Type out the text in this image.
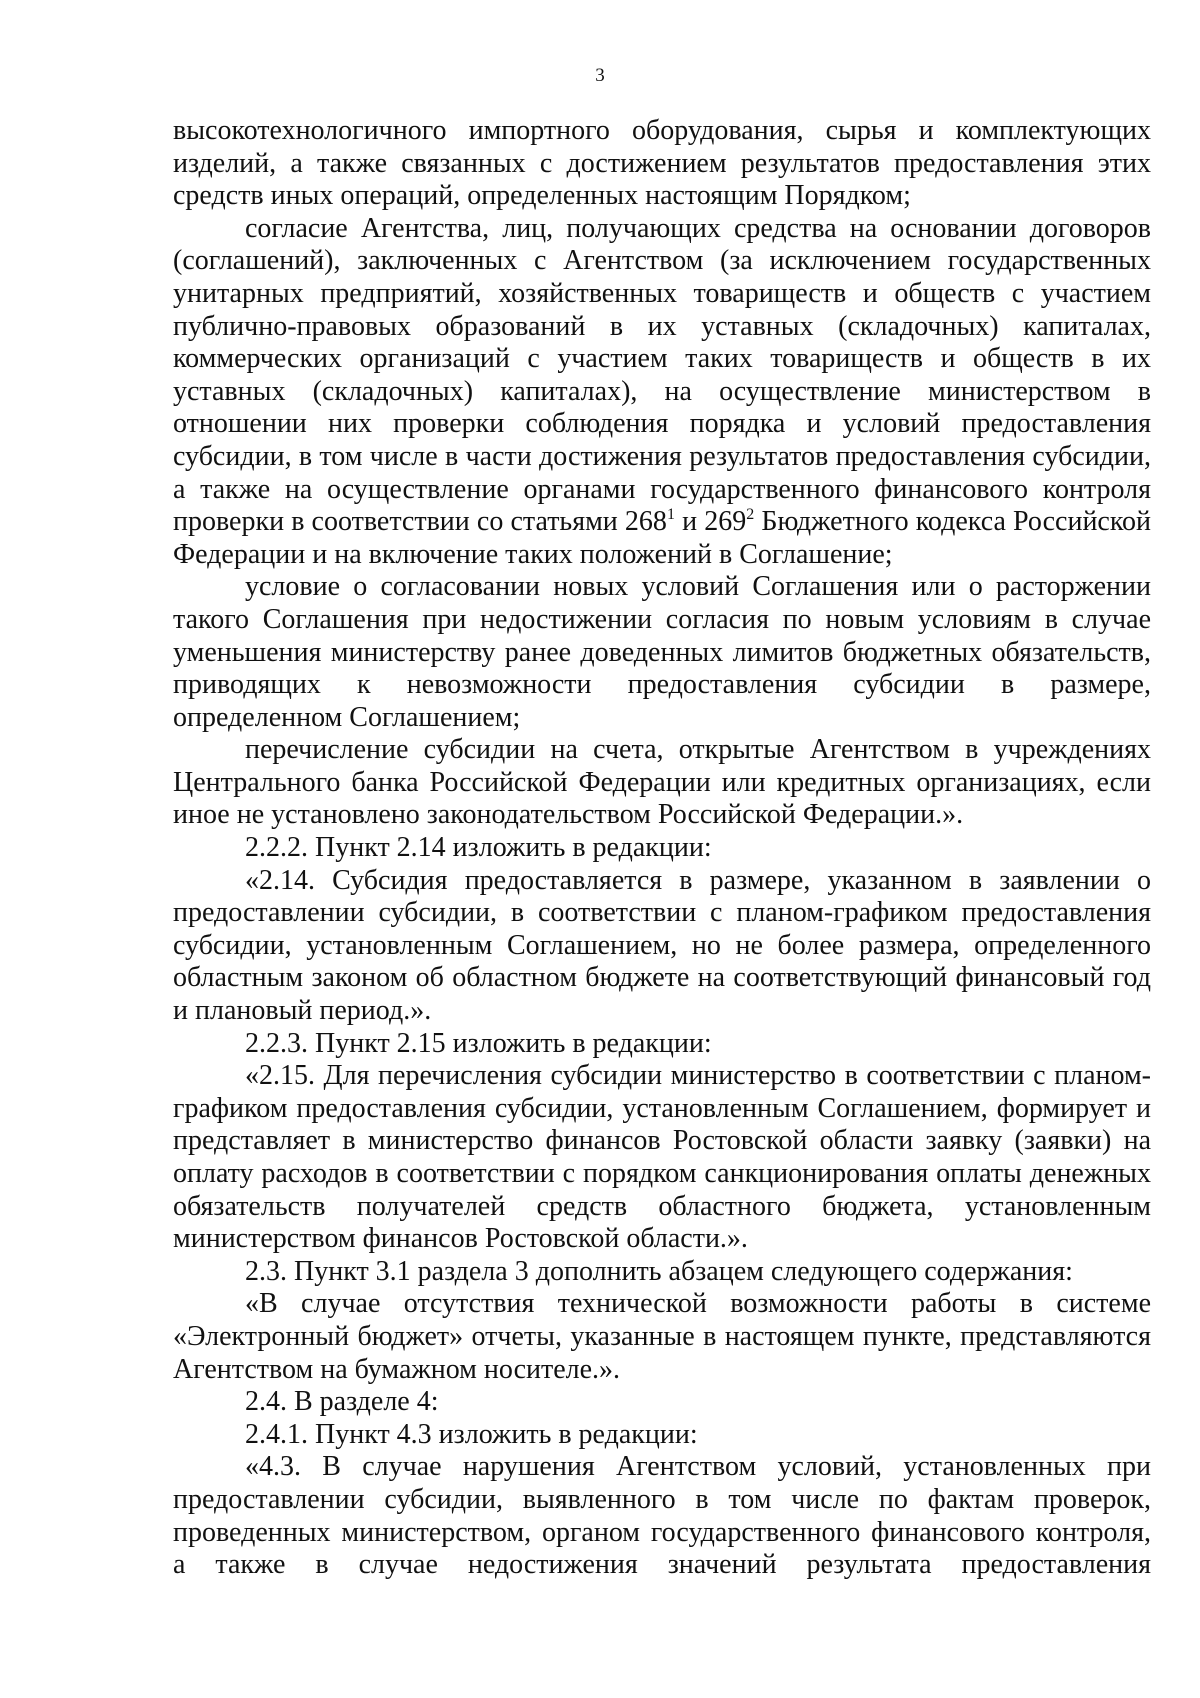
3

высокотехнологичного импортного оборудования, сырья и комплектующих изделий, а также связанных с достижением результатов предоставления этих средств иных операций, определенных настоящим Порядком;

согласие Агентства, лиц, получающих средства на основании договоров (соглашений), заключенных с Агентством (за исключением государственных унитарных предприятий, хозяйственных товариществ и обществ с участием публично-правовых образований в их уставных (складочных) капиталах, коммерческих организаций с участием таких товариществ и обществ в их уставных (складочных) капиталах), на осуществление министерством в отношении них проверки соблюдения порядка и условий предоставления субсидии, в том числе в части достижения результатов предоставления субсидии, а также на осуществление органами государственного финансового контроля проверки в соответствии со статьями $268^1$ и $269^2$ Бюджетного кодекса Российской Федерации и на включение таких положений в Соглашение;

условие о согласовании новых условий Соглашения или о расторжении такого Соглашения при недостижении согласия по новым условиям в случае уменьшения министерству ранее доведенных лимитов бюджетных обязательств, приводящих к невозможности предоставления субсидии в размере, определенном Соглашением;

перечисление субсидии на счета, открытые Агентством в учреждениях Центрального банка Российской Федерации или кредитных организациях, если иное не установлено законодательством Российской Федерации.».

2.2.2. Пункт 2.14 изложить в редакции:

«2.14. Субсидия предоставляется в размере, указанном в заявлении о предоставлении субсидии, в соответствии с планом-графиком предоставления субсидии, установленным Соглашением, но не более размера, определенного областным законом об областном бюджете на соответствующий финансовый год и плановый период.».

2.2.3. Пункт 2.15 изложить в редакции:

«2.15. Для перечисления субсидии министерство в соответствии с планом-графиком предоставления субсидии, установленным Соглашением, формирует и представляет в министерство финансов Ростовской области заявку (заявки) на оплату расходов в соответствии с порядком санкционирования оплаты денежных обязательств получателей средств областного бюджета, установленным министерством финансов Ростовской области.».

2.3. Пункт 3.1 раздела 3 дополнить абзацем следующего содержания:

«В случае отсутствия технической возможности работы в системе «Электронный бюджет» отчеты, указанные в настоящем пункте, представляются Агентством на бумажном носителе.».

2.4. В разделе 4:

2.4.1. Пункт 4.3 изложить в редакции:

«4.3. В случае нарушения Агентством условий, установленных при предоставлении субсидии, выявленного в том числе по фактам проверок, проведенных министерством, органом государственного финансового контроля, а также в случае недостижения значений результата предоставления
